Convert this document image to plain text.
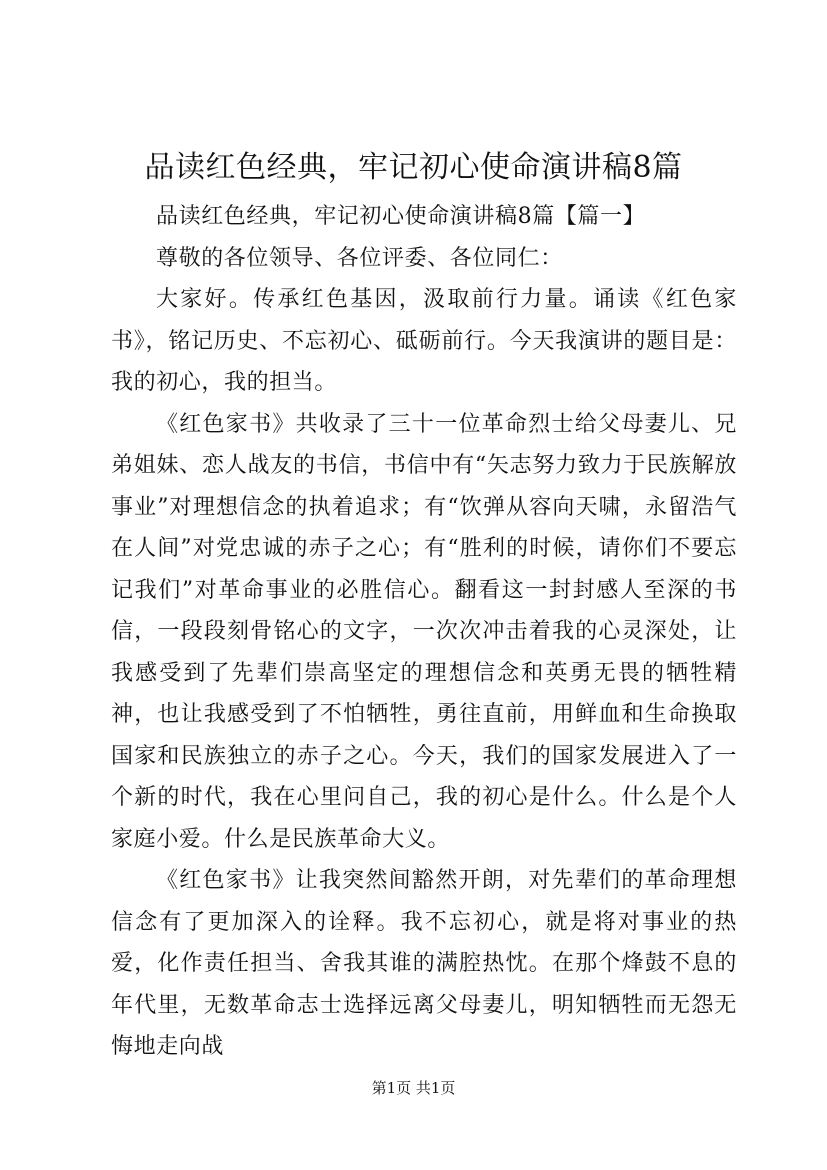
品读红色经典，牢记初心使命演讲稿8篇

品读红色经典，牢记初心使命演讲稿8篇【篇一】

尊敬的各位领导、各位评委、各位同仁：

大家好。传承红色基因，汲取前行力量。诵读《红色家书》，铭记历史、不忘初心、砥砺前行。今天我演讲的题目是：我的初心，我的担当。

《红色家书》共收录了三十一位革命烈士给父母妻儿、兄弟姐妹、恋人战友的书信，书信中有“矢志努力致力于民族解放事业”对理想信念的执着追求；有“饮弹从容向天啸，永留浩气在人间”对党忠诚的赤子之心；有“胜利的时候，请你们不要忘记我们”对革命事业的必胜信心。翻看这一封封感人至深的书信，一段段刻骨铭心的文字，一次次冲击着我的心灵深处，让我感受到了先辈们崇高坚定的理想信念和英勇无畏的牺牲精神，也让我感受到了不怕牺牲，勇往直前，用鲜血和生命换取国家和民族独立的赤子之心。今天，我们的国家发展进入了一个新的时代，我在心里问自己，我的初心是什么。什么是个人家庭小爱。什么是民族革命大义。

《红色家书》让我突然间豁然开朗，对先辈们的革命理想信念有了更加深入的诠释。我不忘初心，就是将对事业的热爱，化作责任担当、舍我其谁的满腔热忱。在那个烽鼓不息的年代里，无数革命志士选择远离父母妻儿，明知牺牲而无怨无悔地走向战

第1页 共1页
